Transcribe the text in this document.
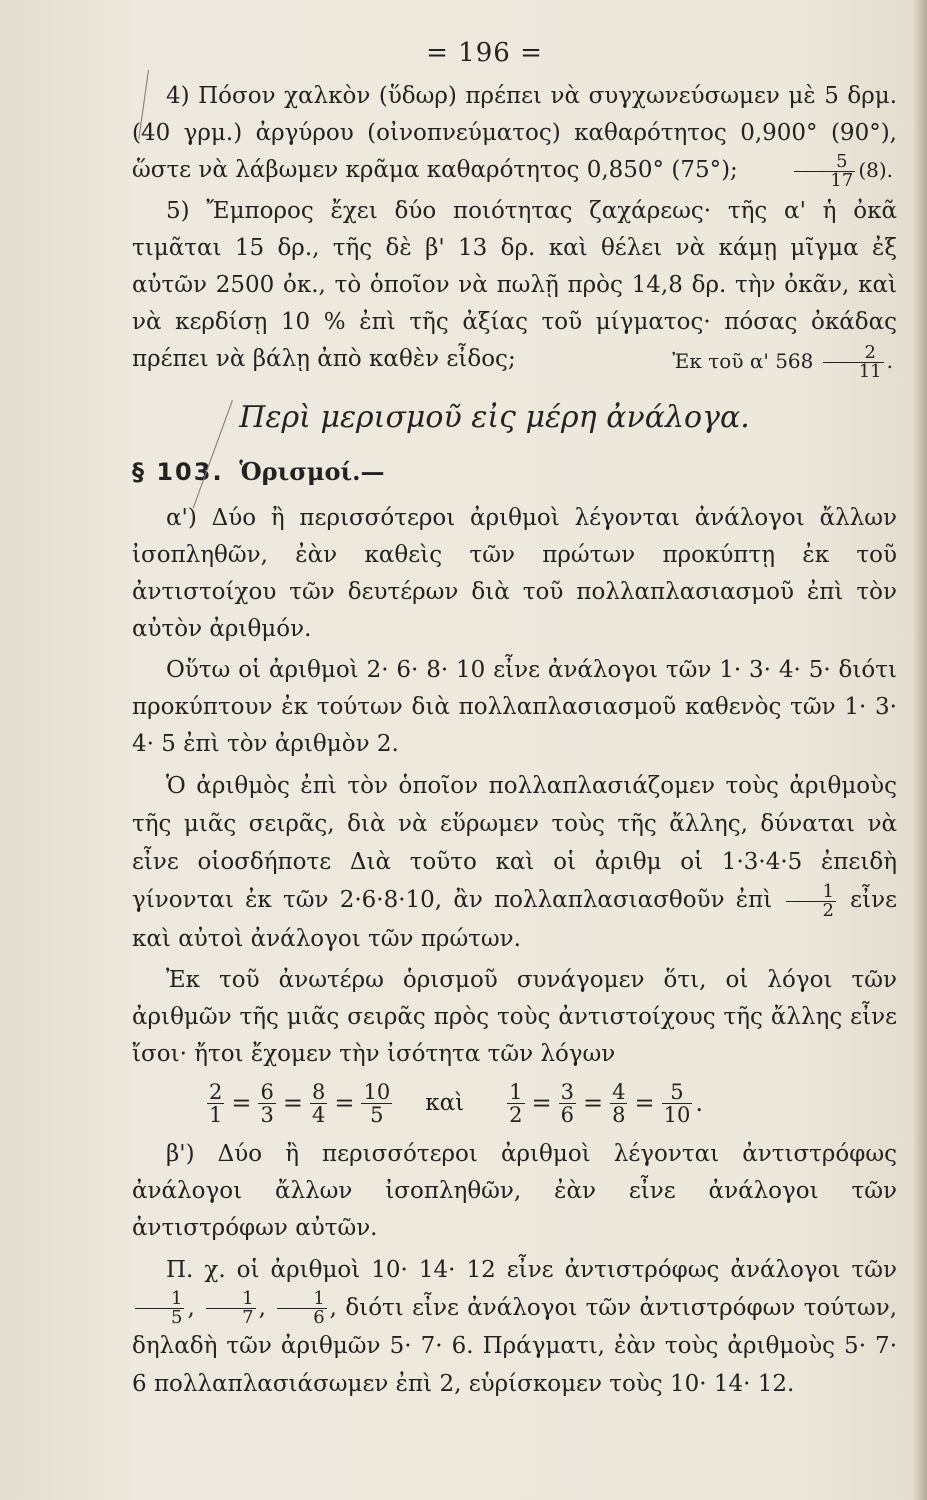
= 196 =

4) Πόσον χαλκὸν (ὕδωρ) πρέπει νὰ συγχωνεύσωμεν μὲ 5 δρμ. (40 γρμ.) ἀργύρου (οἰνοπνεύματος) καθαρότητος 0,900° (90°), ὥστε νὰ λάβωμεν κρᾶμα καθαρότητος 0,850° (75°);	$\frac{5}{17} (8)$.

5) Ἔμπορος ἔχει δύο ποιότητας ζαχάρεως· τῆς α' ἡ ὀκᾶ τιμᾶται 15 δρ., τῆς δὲ β' 13 δρ. καὶ θέλει νὰ κάμῃ μῖγμα ἐξ αὐτῶν 2500 ὀκ., τὸ ὁποῖον νὰ πωλῇ πρὸς 14,8 δρ. τὴν ὀκᾶν, καὶ νὰ κερδίσῃ 10 % ἐπὶ τῆς ἀξίας τοῦ μίγματος· πόσας ὀκάδας πρέπει νὰ βάλῃ ἀπὸ καθὲν εἶδος;	Ἐκ τοῦ α' $568 \frac{2}{11}$ .

Περὶ μερισμοῦ εἰς μέρη ἀνάλογα.
§ 103. Ὁρισμοί.—

α') Δύο ἢ περισσότεροι ἀριθμοὶ λέγονται ἀνάλογοι ἄλλων ἰσοπληθῶν, ἐὰν καθεὶς τῶν πρώτων προκύπτῃ ἐκ τοῦ ἀντιστοίχου τῶν δευτέρων διὰ τοῦ πολλαπλασιασμοῦ ἐπὶ τὸν αὐτὸν ἀριθμόν.

Οὕτω οἱ ἀριθμοὶ 2· 6· 8· 10 εἶνε ἀνάλογοι τῶν 1· 3· 4· 5· διότι προκύπτουν ἐκ τούτων διὰ πολλαπλασιασμοῦ καθενὸς τῶν 1· 3· 4· 5 ἐπὶ τὸν ἀριθμὸν 2.

Ὁ ἀριθμὸς ἐπὶ τὸν ὁποῖον πολλαπλασιάζομεν τοὺς ἀριθμοὺς τῆς μιᾶς σειρᾶς, διὰ νὰ εὕρωμεν τοὺς τῆς ἄλλης, δύναται νὰ εἶνε οἱοσδήποτε Διὰ τοῦτο καὶ οἱ ἀριθμ οἱ 1·3·4·5 ἐπειδὴ γίνονται ἐκ τῶν 2·6·8·10, ἂν πολλαπλασιασθοῦν ἐπὶ $\frac{1}{2}$ εἶνε καὶ αὐτοὶ ἀνάλογοι τῶν πρώτων.

Ἐκ τοῦ ἀνωτέρω ὁρισμοῦ συνάγομεν ὅτι, οἱ λόγοι τῶν ἀριθμῶν τῆς μιᾶς σειρᾶς πρὸς τοὺς ἀντιστοίχους τῆς ἄλλης εἶνε ἴσοι· ἤτοι ἔχομεν τὴν ἰσότητα τῶν λόγων

$\frac{2}{1} = \frac{6}{3} = \frac{8}{4} = \frac{10}{5}$ καὶ $\frac{1}{2} = \frac{3}{6} = \frac{4}{8} = \frac{5}{10}$ .

β') Δύο ἢ περισσότεροι ἀριθμοὶ λέγονται ἀντιστρόφως ἀνάλογοι ἄλλων ἰσοπληθῶν, ἐὰν εἶνε ἀνάλογοι τῶν ἀντιστρόφων αὐτῶν.

Π. χ. οἱ ἀριθμοὶ 10· 14· 12 εἶνε ἀντιστρόφως ἀνάλογοι τῶν
$\frac{1}{5}$ , $\frac{1}{7}$ , $\frac{1}{6}$ , διότι εἶνε ἀνάλογοι τῶν ἀντιστρόφων τούτων, δηλαδὴ τῶν ἀριθμῶν 5· 7· 6. Πράγματι, ἐὰν τοὺς ἀριθμοὺς 5· 7· 6 πολλαπλασιάσωμεν ἐπὶ 2, εὑρίσκομεν τοὺς 10· 14· 12.
